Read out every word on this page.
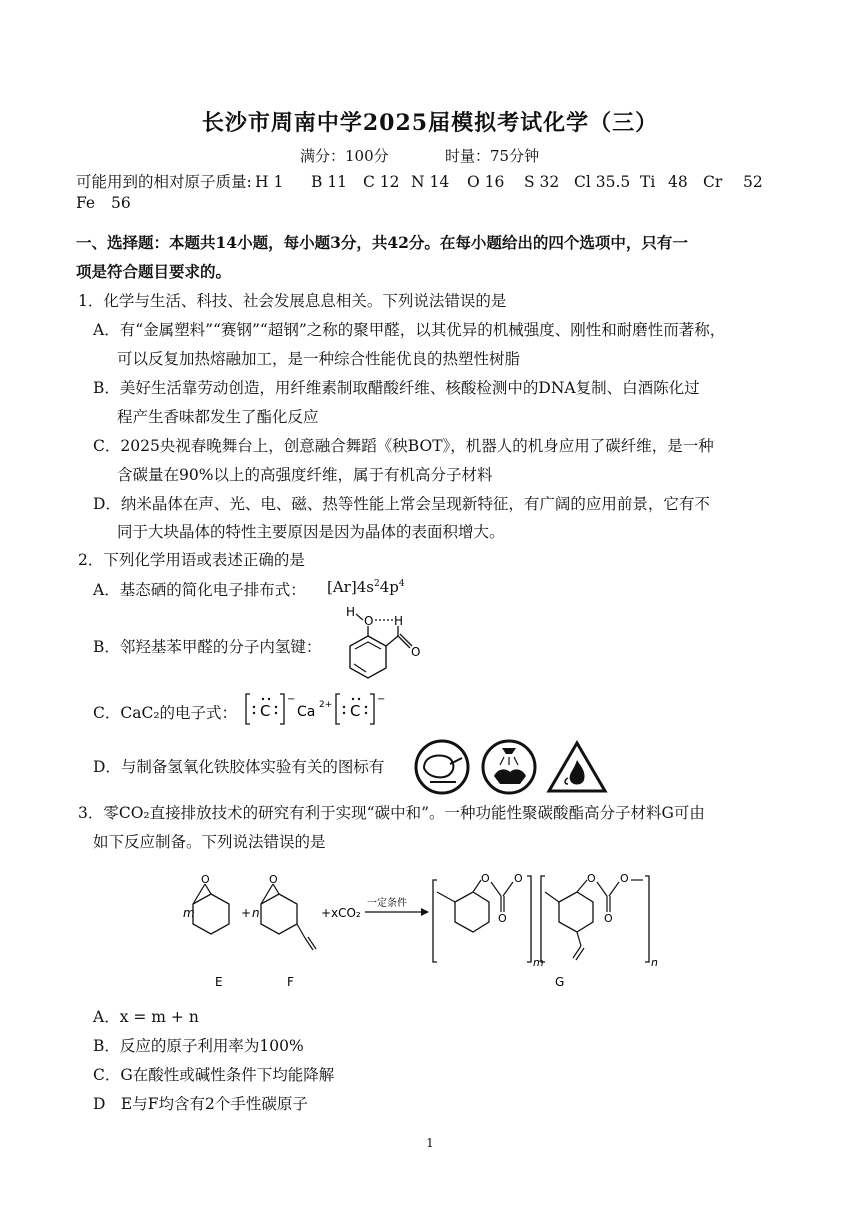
长沙市周南中学2025届模拟考试化学（三）
满分：100分	时量：75分钟
可能用到的相对原子质量: H 1 B 11 C 12 N 14 O 16 S 32 Cl 35.5 Ti 48 Cr 52
Fe 56
一、选择题：本题共14小题，每小题3分，共42分。在每小题给出的四个选项中，只有一
项是符合题目要求的。
1．化学与生活、科技、社会发展息息相关。下列说法错误的是
A．有“金属塑料”“赛钢”“超钢”之称的聚甲醛，以其优异的机械强度、刚性和耐磨性而著称，
可以反复加热熔融加工，是一种综合性能优良的热塑性树脂
B．美好生活靠劳动创造，用纤维素制取醋酸纤维、核酸检测中的DNA复制、白酒陈化过
程产生香味都发生了酯化反应
C．2025央视春晚舞台上，创意融合舞蹈《秧BOT》，机器人的机身应用了碳纤维，是一种
含碳量在90%以上的高强度纤维，属于有机高分子材料
D．纳米晶体在声、光、电、磁、热等性能上常会呈现新特征，有广阔的应用前景，它有不
同于大块晶体的特性主要原因是因为晶体的表面积增大。
2．下列化学用语或表述正确的是
A．基态硒的简化电子排布式： $[Ar]4s^24p^4$
B．邻羟基苯甲醛的分子内氢键：
H
O H
O
C．CaC₂的电子式： C
−
Ca 2+ C
−
D．与制备氢氧化铁胶体实验有关的图标有
3．零CO₂直接排放技术的研究有利于实现“碳中和”。一种功能性聚碳酸酯高分子材料G可由
如下反应制备。下列说法错误的是
m
O
E
+ n
O
F
+ xCO₂
一定条件
O
O
O
m
O
O
O
n
G
A．x = m + n
B．反应的原子利用率为100%
C．G在酸性或碱性条件下均能降解
D　E与F均含有2个手性碳原子
1
